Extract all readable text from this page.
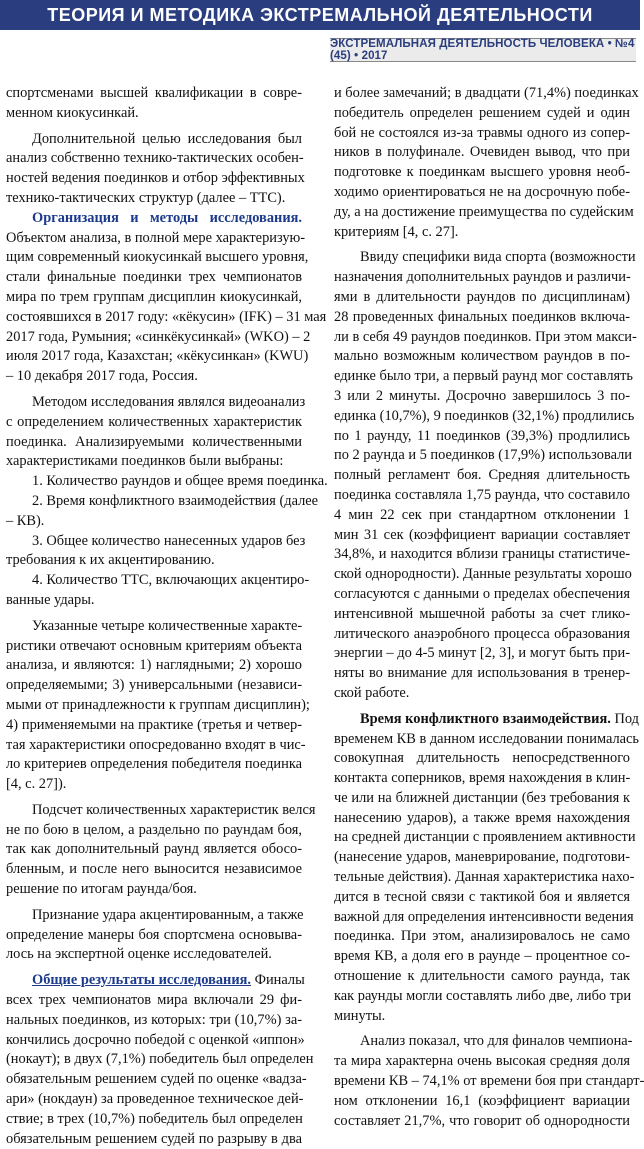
ТЕОРИЯ И МЕТОДИКА ЭКСТРЕМАЛЬНОЙ ДЕЯТЕЛЬНОСТИ
ЭКСТРЕМАЛЬНАЯ ДЕЯТЕЛЬНОСТЬ ЧЕЛОВЕКА • №4 (45) • 2017
спортсменами высшей квалификации в совре-
менном киокусинкай.
Дополнительной целью исследования был
анализ собственно технико-тактических особен-
ностей ведения поединков и отбор эффективных
технико-тактических структур (далее – ТТС).
Организация и методы исследования.
Объектом анализа, в полной мере характеризую-
щим современный киокусинкай высшего уровня,
стали финальные поединки трех чемпионатов
мира по трем группам дисциплин киокусинкай,
состоявшихся в 2017 году: «кёкусин» (IFK) – 31 мая
2017 года, Румыния; «синкёкусинкай» (WKO) – 2
июля 2017 года, Казахстан; «кёкусинкан» (KWU)
– 10 декабря 2017 года, Россия.
Методом исследования являлся видеоанализ
с определением количественных характеристик
поединка. Анализируемыми количественными
характеристиками поединков были выбраны:
1. Количество раундов и общее время поединка.
2. Время конфликтного взаимодействия (далее
– КВ).
3. Общее количество нанесенных ударов без
требования к их акцентированию.
4. Количество ТТС, включающих акцентиро-
ванные удары.
Указанные четыре количественные характе-
ристики отвечают основным критериям объекта
анализа, и являются: 1) наглядными; 2) хорошо
определяемыми; 3) универсальными (независи-
мыми от принадлежности к группам дисциплин);
4) применяемыми на практике (третья и четвер-
тая характеристики опосредованно входят в чис-
ло критериев определения победителя поединка
[4, с. 27]).
Подсчет количественных характеристик велся
не по бою в целом, а раздельно по раундам боя,
так как дополнительный раунд является обосо-
бленным, и после него выносится независимое
решение по итогам раунда/боя.
Признание удара акцентированным, а также
определение манеры боя спортсмена основыва-
лось на экспертной оценке исследователей.
Общие результаты исследования. Финалы
всех трех чемпионатов мира включали 29 фи-
нальных поединков, из которых: три (10,7%) за-
кончились досрочно победой с оценкой «иппон»
(нокаут); в двух (7,1%) победитель был определен
обязательным решением судей по оценке «вадза-
ари» (нокдаун) за проведенное техническое дей-
ствие; в трех (10,7%) победитель был определен
обязательным решением судей по разрыву в два
и более замечаний; в двадцати (71,4%) поединках
победитель определен решением судей и один
бой не состоялся из-за травмы одного из сопер-
ников в полуфинале. Очевиден вывод, что при
подготовке к поединкам высшего уровня необ-
ходимо ориентироваться не на досрочную побе-
ду, а на достижение преимущества по судейским
критериям [4, с. 27].
Ввиду специфики вида спорта (возможности
назначения дополнительных раундов и различи-
ями в длительности раундов по дисциплинам)
28 проведенных финальных поединков включа-
ли в себя 49 раундов поединков. При этом макси-
мально возможным количеством раундов в по-
единке было три, а первый раунд мог составлять
3 или 2 минуты. Досрочно завершилось 3 по-
единка (10,7%), 9 поединков (32,1%) продлились
по 1 раунду, 11 поединков (39,3%) продлились
по 2 раунда и 5 поединков (17,9%) использовали
полный регламент боя. Средняя длительность
поединка составляла 1,75 раунда, что составило
4 мин 22 сек при стандартном отклонении 1
мин 31 сек (коэффициент вариации составляет
34,8%, и находится вблизи границы статистиче-
ской однородности). Данные результаты хорошо
согласуются с данными о пределах обеспечения
интенсивной мышечной работы за счет глико-
литического анаэробного процесса образования
энергии – до 4-5 минут [2, 3], и могут быть при-
няты во внимание для использования в тренер-
ской работе.
Время конфликтного взаимодействия. Под
временем КВ в данном исследовании понималась
совокупная длительность непосредственного
контакта соперников, время нахождения в клин-
че или на ближней дистанции (без требования к
нанесению ударов), а также время нахождения
на средней дистанции с проявлением активности
(нанесение ударов, маневрирование, подготови-
тельные действия). Данная характеристика нахо-
дится в тесной связи с тактикой боя и является
важной для определения интенсивности ведения
поединка. При этом, анализировалось не само
время КВ, а доля его в раунде – процентное со-
отношение к длительности самого раунда, так
как раунды могли составлять либо две, либо три
минуты.
Анализ показал, что для финалов чемпиона-
та мира характерна очень высокая средняя доля
времени КВ – 74,1% от времени боя при стандарт-
ном отклонении 16,1 (коэффициент вариации
составляет 21,7%, что говорит об однородности
